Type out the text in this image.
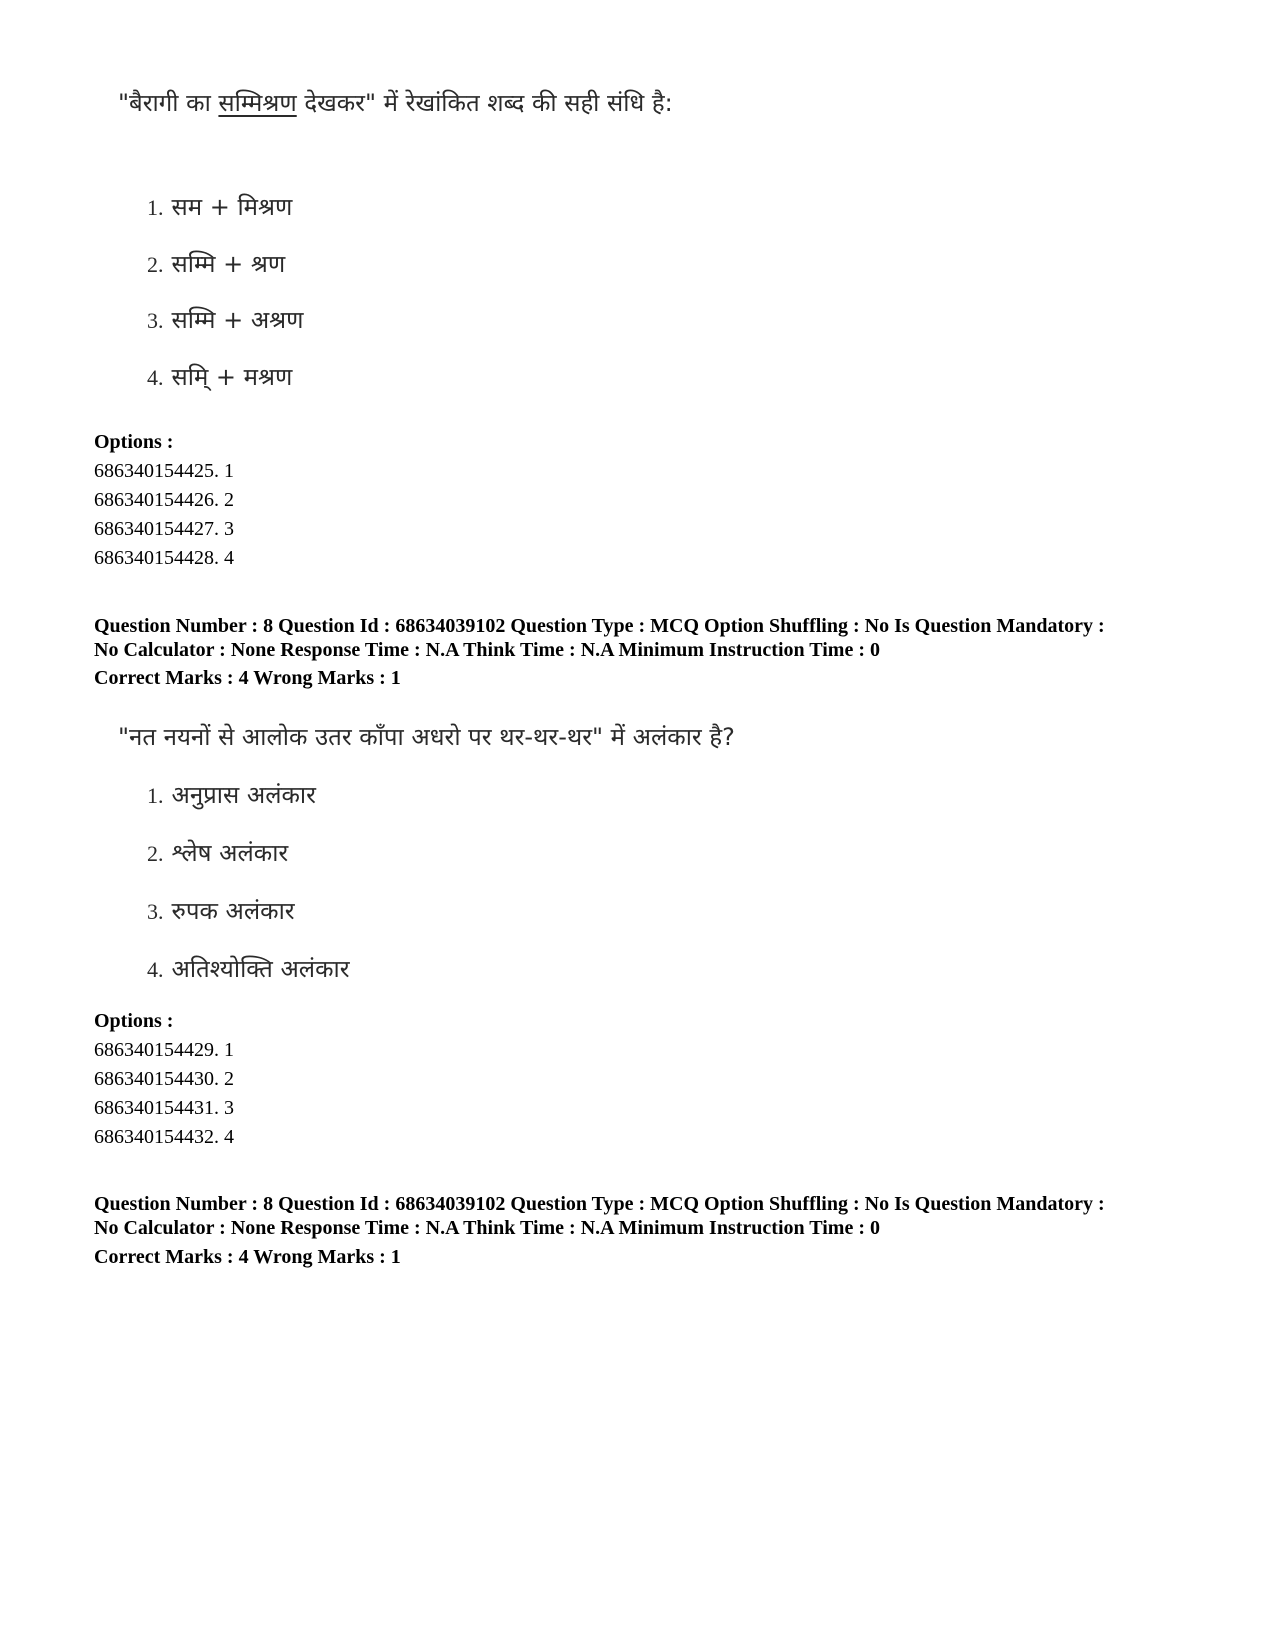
"बैरागी का सम्मिश्रण देखकर" में रेखांकित शब्द की सही संधि है:
1. सम + मिश्रण
2. सम्मि + श्रण
3. सम्मि + अश्रण
4. समि् + मश्रण
Options :
686340154425. 1
686340154426. 2
686340154427. 3
686340154428. 4
Question Number : 8 Question Id : 68634039102 Question Type : MCQ Option Shuffling : No Is Question Mandatory :
No Calculator : None Response Time : N.A Think Time : N.A Minimum Instruction Time : 0
Correct Marks : 4 Wrong Marks : 1
"नत नयनों से आलोक उतर काँपा अधरो पर थर-थर-थर" में अलंकार है?
1. अनुप्रास अलंकार
2. श्लेष अलंकार
3. रुपक अलंकार
4. अतिश्योक्ति अलंकार
Options :
686340154429. 1
686340154430. 2
686340154431. 3
686340154432. 4
Question Number : 8 Question Id : 68634039102 Question Type : MCQ Option Shuffling : No Is Question Mandatory :
No Calculator : None Response Time : N.A Think Time : N.A Minimum Instruction Time : 0
Correct Marks : 4 Wrong Marks : 1
